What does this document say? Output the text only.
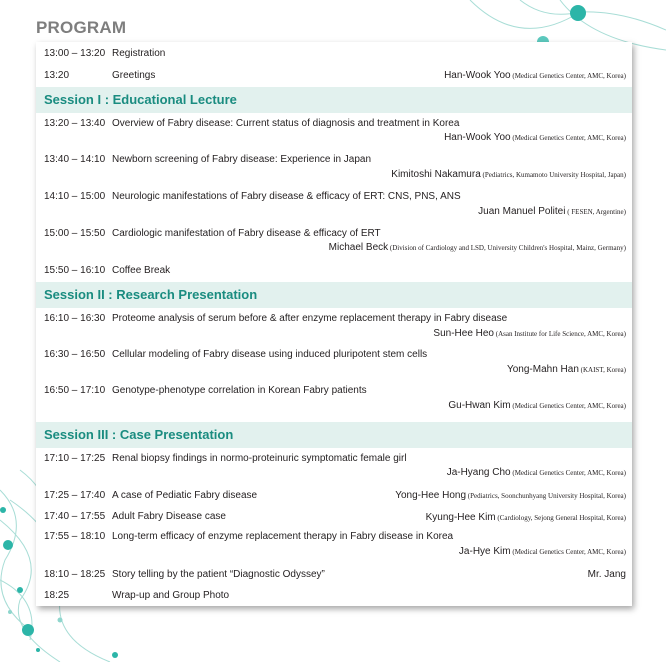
PROGRAM
13:00 – 13:20 Registration
13:20	Greetings	Han-Wook Yoo (Medical Genetics Center, AMC, Korea)
Session I : Educational Lecture
13:20 – 13:40 Overview of Fabry disease: Current status of diagnosis and treatment in Korea
Han-Wook Yoo (Medical Genetics Center, AMC, Korea)
13:40 – 14:10 Newborn screening of Fabry disease: Experience in Japan
Kimitoshi Nakamura (Pediatrics, Kumamoto University Hospital, Japan)
14:10 – 15:00 Neurologic manifestations of Fabry disease & efficacy of ERT: CNS, PNS, ANS
Juan Manuel Politei ( FESEN, Argentine)
15:00 – 15:50 Cardiologic manifestation of Fabry disease & efficacy of ERT
Michael Beck (Division of Cardiology and LSD, University Children's Hospital, Mainz, Germany)
15:50 – 16:10 Coffee Break
Session II : Research Presentation
16:10 – 16:30 Proteome analysis of serum before & after enzyme replacement therapy in Fabry disease
Sun-Hee Heo (Asan Institute for Life Science, AMC, Korea)
16:30 – 16:50 Cellular modeling of Fabry disease using induced pluripotent stem cells
Yong-Mahn Han (KAIST, Korea)
16:50 – 17:10 Genotype-phenotype correlation in Korean Fabry patients
Gu-Hwan Kim (Medical Genetics Center, AMC, Korea)
Session III : Case Presentation
17:10 – 17:25 Renal biopsy findings in normo-proteinuric symptomatic female girl
Ja-Hyang Cho (Medical Genetics Center, AMC, Korea)
17:25 – 17:40 A case of Pediatic Fabry disease	Yong-Hee Hong (Pediatrics, Soonchunhyang University Hospital, Korea)
17:40 – 17:55 Adult Fabry Disease case	Kyung-Hee Kim (Cardiology, Sejong General Hospital, Korea)
17:55 – 18:10 Long-term efficacy of enzyme replacement therapy in Fabry disease in Korea
Ja-Hye Kim (Medical Genetics Center, AMC, Korea)
18:10 – 18:25 Story telling by the patient “Diagnostic Odyssey”	Mr. Jang
18:25	Wrap-up and Group Photo
